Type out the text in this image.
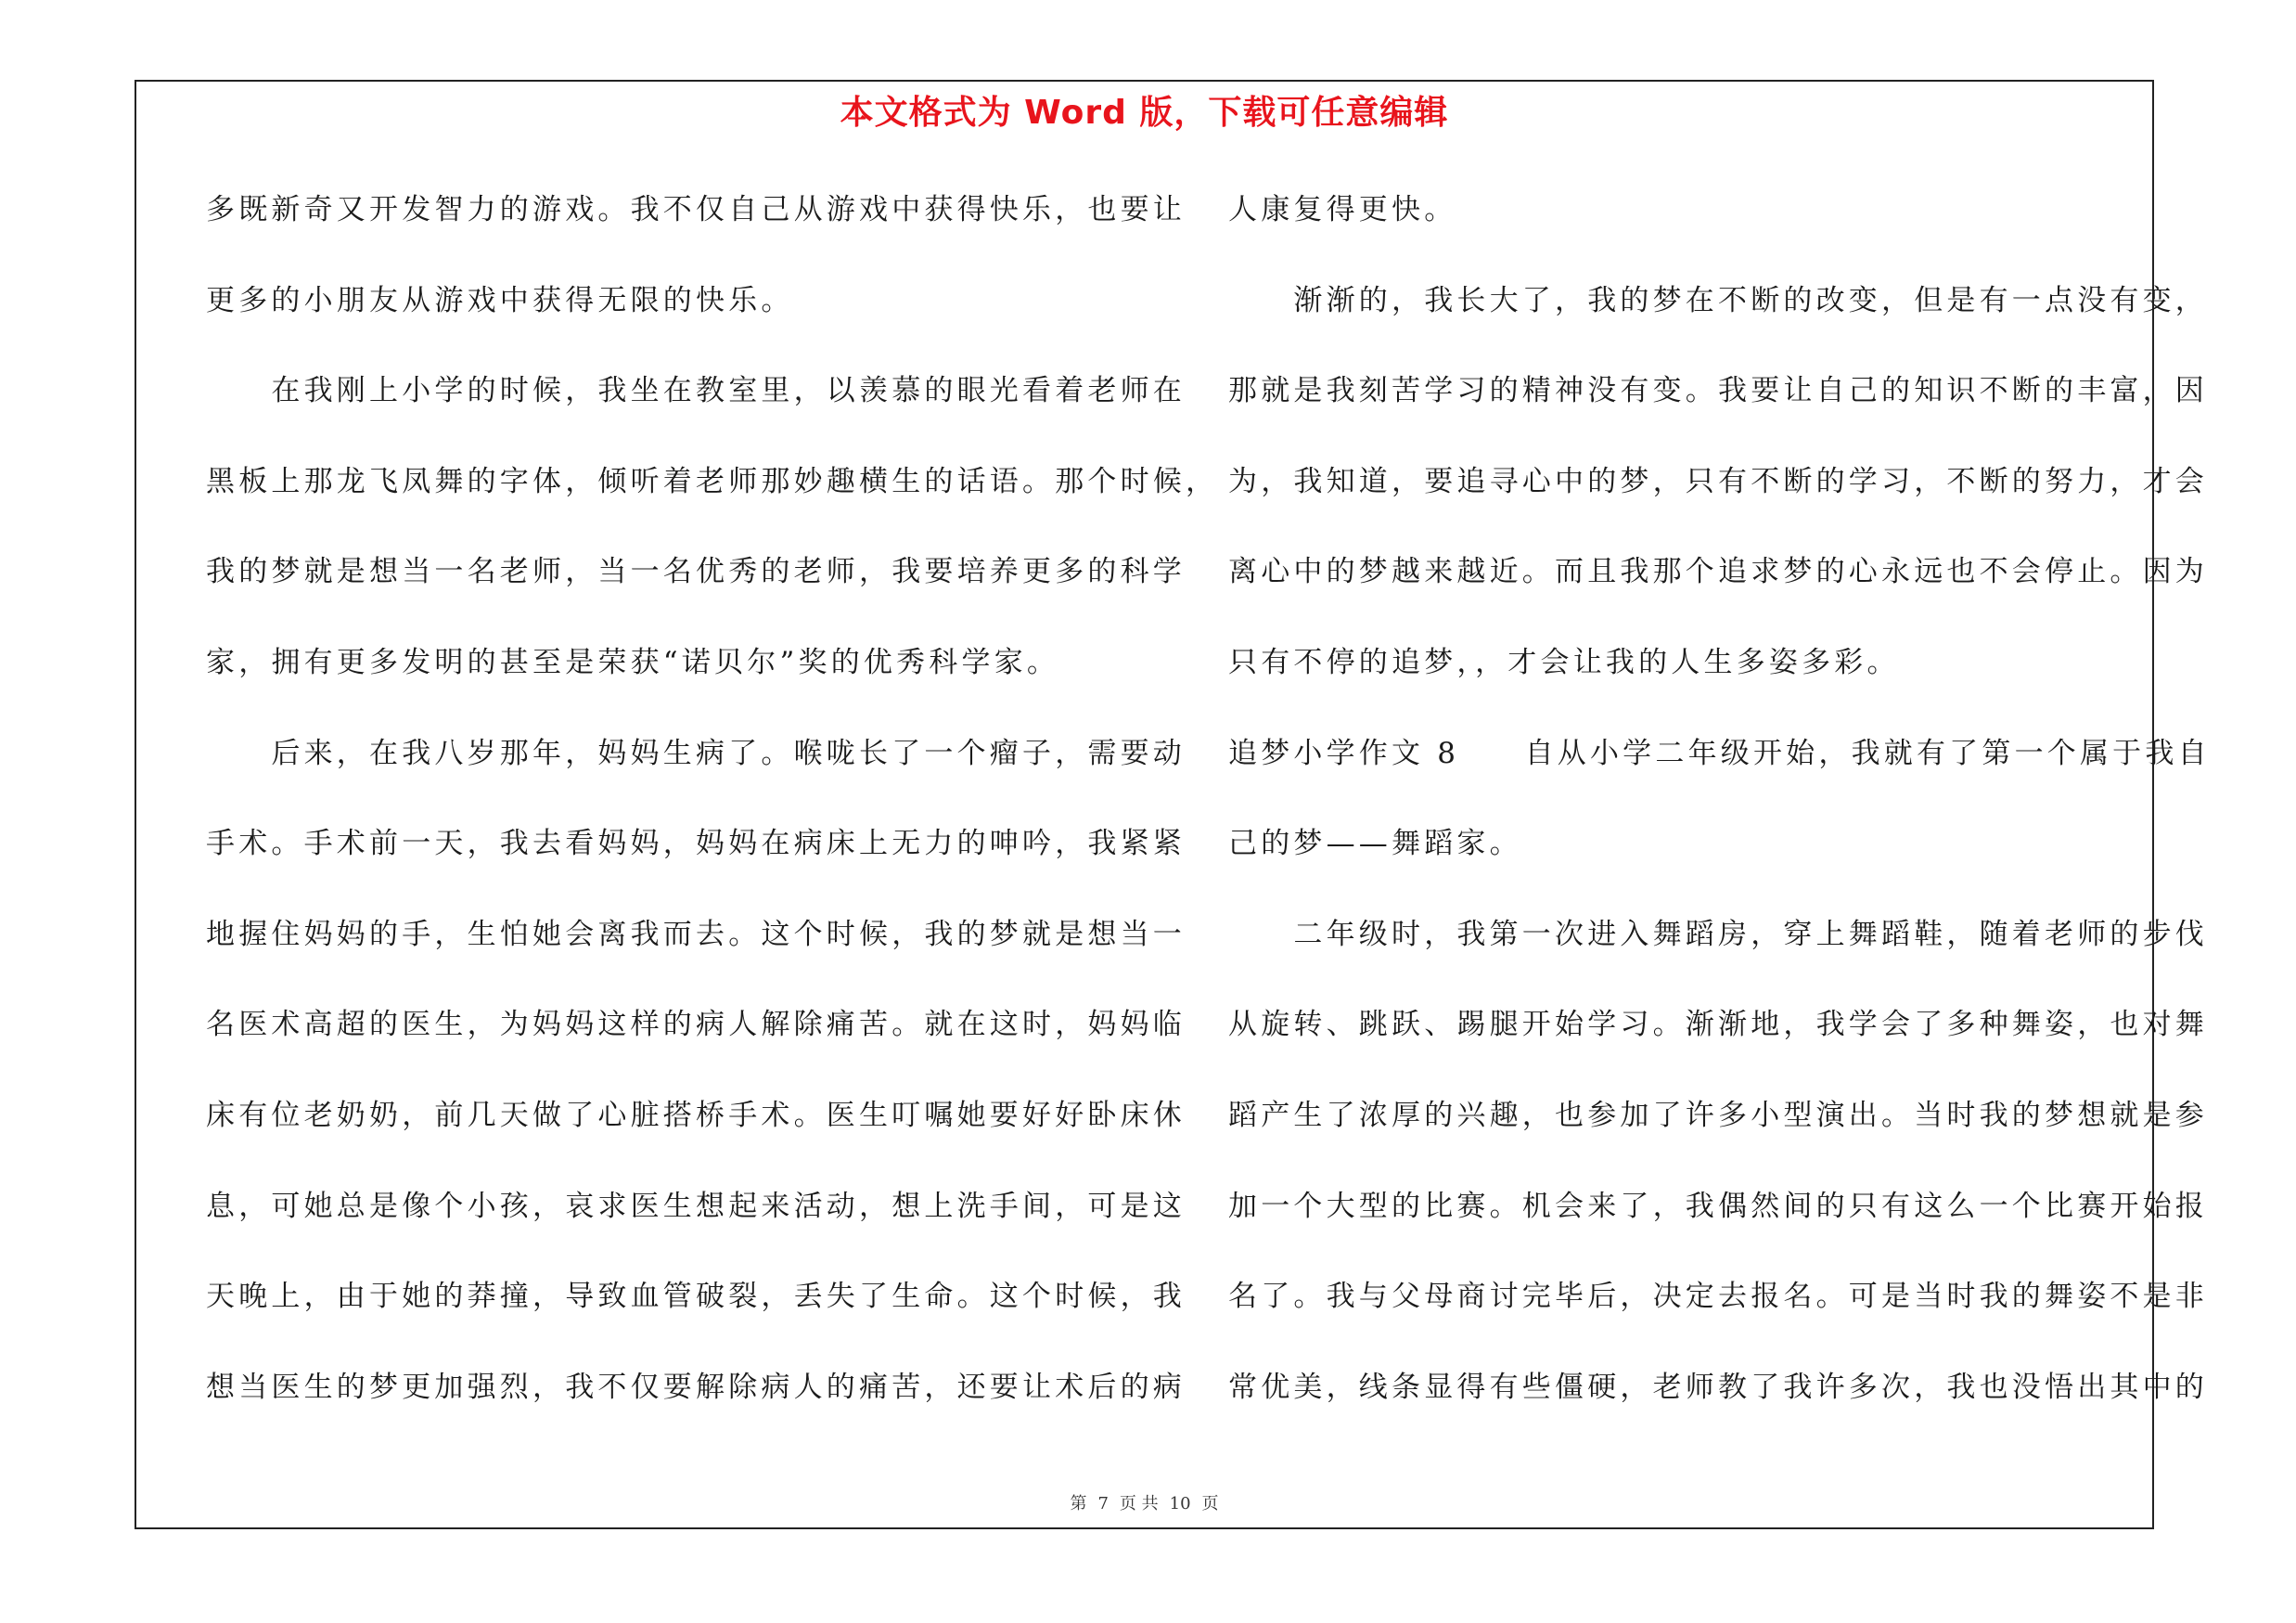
本文格式为 Word 版，下载可任意编辑
多既新奇又开发智力的游戏。我不仅自己从游戏中获得快乐，也要让
更多的小朋友从游戏中获得无限的快乐。
　　在我刚上小学的时候，我坐在教室里，以羡慕的眼光看着老师在
黑板上那龙飞凤舞的字体，倾听着老师那妙趣横生的话语。那个时候，
我的梦就是想当一名老师，当一名优秀的老师，我要培养更多的科学
家，拥有更多发明的甚至是荣获“诺贝尔”奖的优秀科学家。
　　后来，在我八岁那年，妈妈生病了。喉咙长了一个瘤子，需要动
手术。手术前一天，我去看妈妈，妈妈在病床上无力的呻吟，我紧紧
地握住妈妈的手，生怕她会离我而去。这个时候，我的梦就是想当一
名医术高超的医生，为妈妈这样的病人解除痛苦。就在这时，妈妈临
床有位老奶奶，前几天做了心脏搭桥手术。医生叮嘱她要好好卧床休
息，可她总是像个小孩，哀求医生想起来活动，想上洗手间，可是这
天晚上，由于她的莽撞，导致血管破裂，丢失了生命。这个时候，我
想当医生的梦更加强烈，我不仅要解除病人的痛苦，还要让术后的病
人康复得更快。
　　渐渐的，我长大了，我的梦在不断的改变，但是有一点没有变，
那就是我刻苦学习的精神没有变。我要让自己的知识不断的丰富，因
为，我知道，要追寻心中的梦，只有不断的学习，不断的努力，才会
离心中的梦越来越近。而且我那个追求梦的心永远也不会停止。因为
只有不停的追梦，，才会让我的人生多姿多彩。
追梦小学作文 8　　自从小学二年级开始，我就有了第一个属于我自
己的梦——舞蹈家。
　　二年级时，我第一次进入舞蹈房，穿上舞蹈鞋，随着老师的步伐
从旋转、跳跃、踢腿开始学习。渐渐地，我学会了多种舞姿，也对舞
蹈产生了浓厚的兴趣，也参加了许多小型演出。当时我的梦想就是参
加一个大型的比赛。机会来了，我偶然间的只有这么一个比赛开始报
名了。我与父母商讨完毕后，决定去报名。可是当时我的舞姿不是非
常优美，线条显得有些僵硬，老师教了我许多次，我也没悟出其中的
第 7 页 共 10 页
